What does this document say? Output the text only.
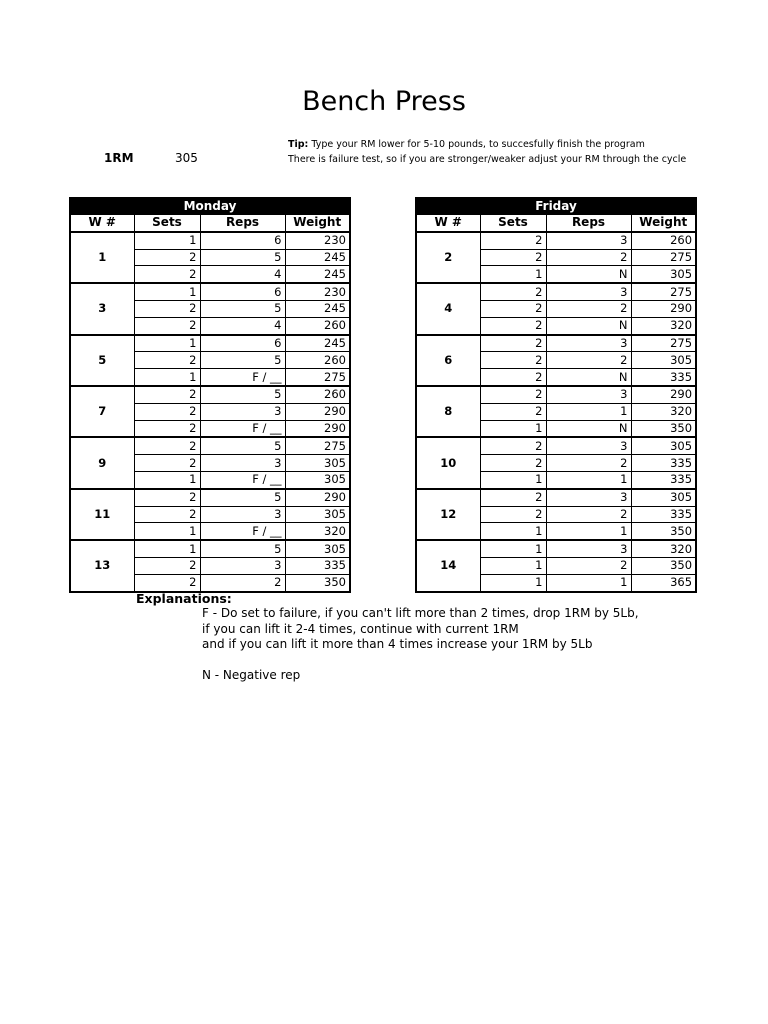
Bench Press
Tip: Type your RM lower for 5-10 pounds, to succesfully finish the program
There is failure test, so if you are stronger/weaker adjust your RM through the cycle
1RM	305
Monday			
W #	Sets	Reps	Weight
1	1	6	230
	2	5	245
	2	4	245
3	1	6	230
	2	5	245
	2	4	260
5	1	6	245
	2	5	260
	1	F / __	275
7	2	5	260
	2	3	290
	2	F / __	290
9	2	5	275
	2	3	305
	1	F / __	305
11	2	5	290
	2	3	305
	1	F / __	320
13	1	5	305
	2	3	335
	2	2	350
Friday			
W #	Sets	Reps	Weight
2	2	3	260
	2	2	275
	1	N	305
4	2	3	275
	2	2	290
	2	N	320
6	2	3	275
	2	2	305
	2	N	335
8	2	3	290
	2	1	320
	1	N	350
10	2	3	305
	2	2	335
	1	1	335
12	2	3	305
	2	2	335
	1	1	350
14	1	3	320
	1	2	350
	1	1	365
Explanations:
F - Do set to failure, if you can't lift more than 2 times, drop 1RM by 5Lb,
if you can lift it 2-4 times, continue with current 1RM
and if you can lift it more than 4 times increase your 1RM by 5Lb
N - Negative rep
